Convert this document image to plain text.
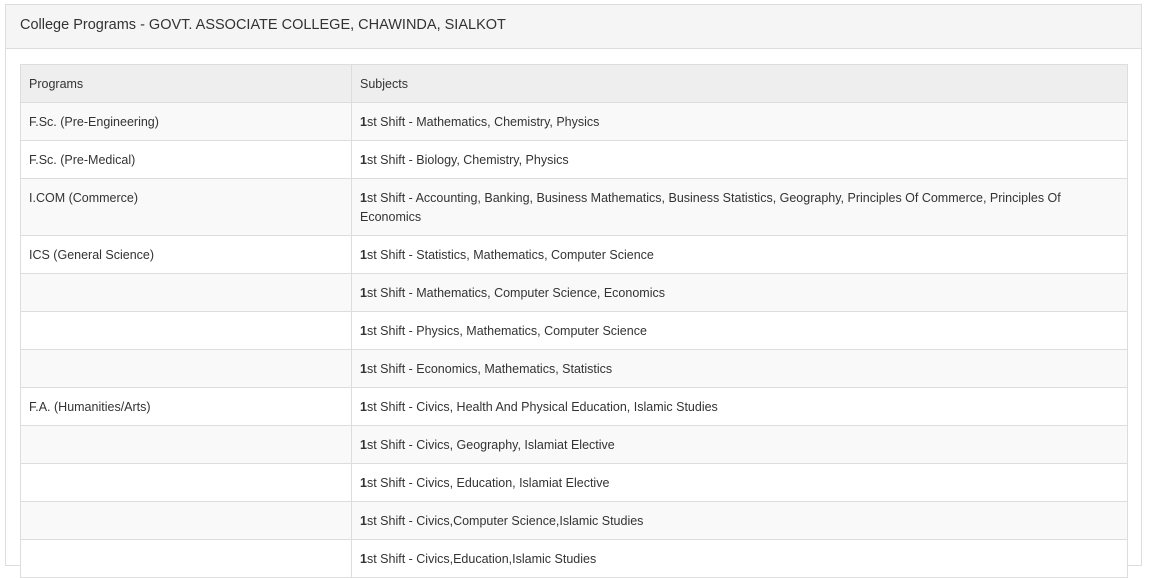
College Programs - GOVT. ASSOCIATE COLLEGE, CHAWINDA, SIALKOT
Programs	Subjects
F.Sc. (Pre-Engineering)	1st Shift - Mathematics, Chemistry, Physics
F.Sc. (Pre-Medical)	1st Shift - Biology, Chemistry, Physics
I.COM (Commerce)	1st Shift - Accounting, Banking, Business Mathematics, Business Statistics, Geography, Principles Of Commerce, Principles Of Economics
ICS (General Science)	1st Shift - Statistics, Mathematics, Computer Science
	1st Shift - Mathematics, Computer Science, Economics
	1st Shift - Physics, Mathematics, Computer Science
	1st Shift - Economics, Mathematics, Statistics
F.A. (Humanities/Arts)	1st Shift - Civics, Health And Physical Education, Islamic Studies
	1st Shift - Civics, Geography, Islamiat Elective
	1st Shift - Civics, Education, Islamiat Elective
	1st Shift - Civics,Computer Science,Islamic Studies
	1st Shift - Civics,Education,Islamic Studies
